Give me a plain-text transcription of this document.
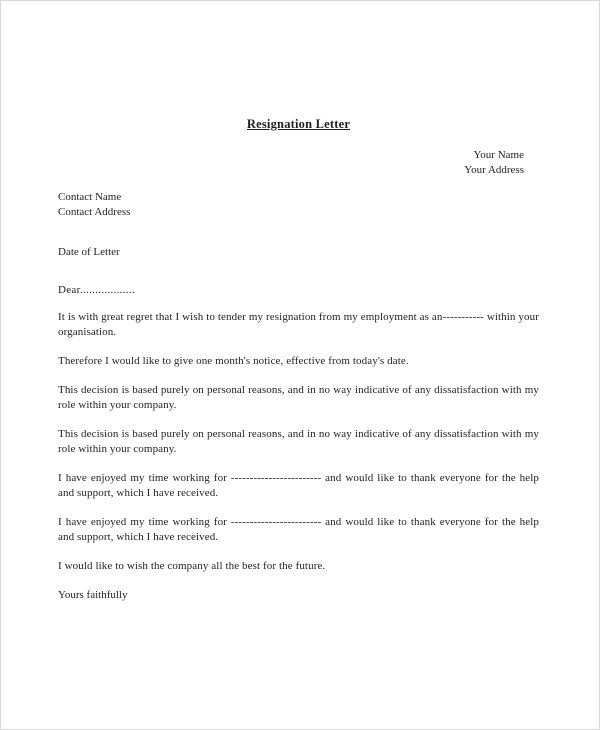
Resignation Letter
Your Name
Your Address
Contact Name
Contact Address
Date of Letter
Dear..................

It is with great regret that I wish to tender my resignation from my employment as an----------- within your organisation.

Therefore I would like to give one month's notice, effective from today's date.

This decision is based purely on personal reasons, and in no way indicative of any dissatisfaction with my role within your company.

This decision is based purely on personal reasons, and in no way indicative of any dissatisfaction with my role within your company.

I have enjoyed my time working for ------------------------ and would like to thank everyone for the help and support, which I have received.

I have enjoyed my time working for ------------------------ and would like to thank everyone for the help and support, which I have received.

I would like to wish the company all the best for the future.

Yours faithfully
